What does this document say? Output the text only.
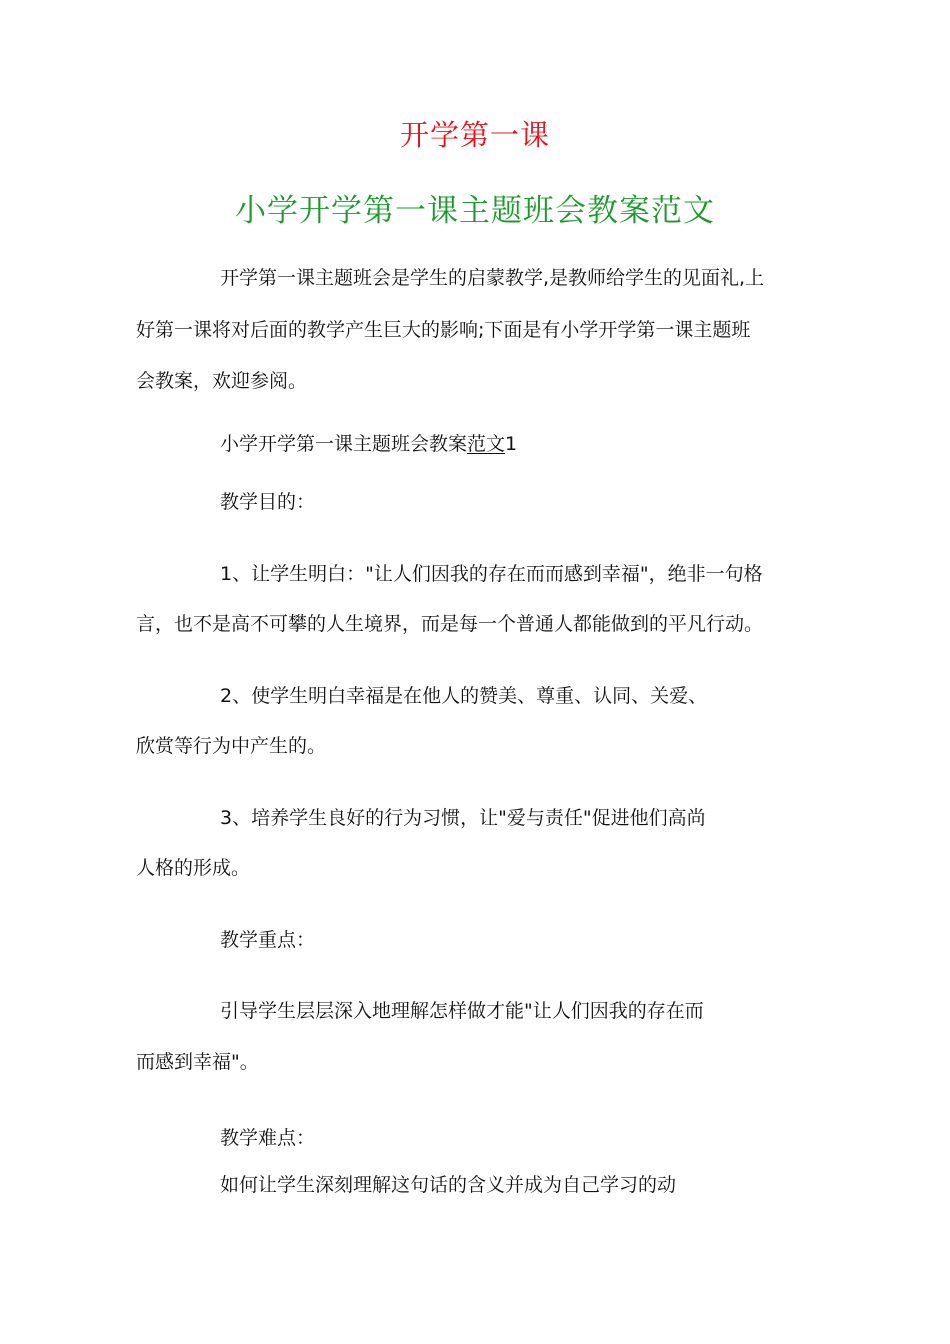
开学第一课
小学开学第一课主题班会教案范文
开学第一课主题班会是学生的启蒙教学,是教师给学生的见面礼,上
好第一课将对后面的教学产生巨大的影响;下面是有小学开学第一课主题班
会教案，欢迎参阅。
小学开学第一课主题班会教案范文1
教学目的：
1、让学生明白："让人们因我的存在而而感到幸福"，绝非一句格
言，也不是高不可攀的人生境界，而是每一个普通人都能做到的平凡行动。
2、使学生明白幸福是在他人的赞美、尊重、认同、关爱、
欣赏等行为中产生的。
3、培养学生良好的行为习惯，让"爱与责任"促进他们高尚
人格的形成。
教学重点：
引导学生层层深入地理解怎样做才能"让人们因我的存在而
而感到幸福"。
教学难点：
如何让学生深刻理解这句话的含义并成为自己学习的动
